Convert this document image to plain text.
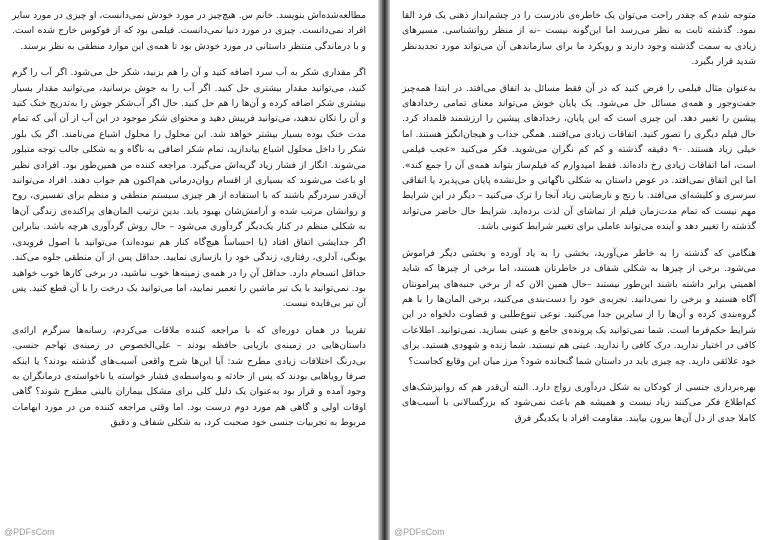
مطالعه‌شده‌اش بنویسد. خانم س. هیچ‌چیز در مورد خودش نمی‌دانست، او چیزی در مورد سایر افراد نمی‌دانست. چیزی در مورد دنیا نمی‌دانست. فیلمی بود که از فوکوس خارج شده است. و با درماندگی منتظر داستانی در مورد خودش بود تا همه‌ی این موارد منطقی به نظر برسند.

اگر مقداری شکر به آب سرد اضافه کنید و آن را هم بزنید، شکر حل می‌شود. اگر آب را گرم کنید، می‌توانید مقدار بیشتری حل کنید. اگر آب را به جوش برسانید، می‌توانید مقدار بسیار بیشتری شکر اضافه کرده و آن‌ها را هم حل کنید. حال اگر آب‌شکر جوش را به‌تدریج خنک کنید و آن را تکان ندهید، می‌توانید فریبش دهید و محتوای شکر موجود در این آب از آن آبی که تمام مدت خنک بوده بسیار بیشتر خواهد شد. این محلول را محلول اشباع می‌نامند. اگر یک بلور شکر را داخل محلول اشباع بیاندازید، تمام شکر اضافی به ناگاه و به شکلی جالب توجه متبلور می‌شوند. انگار از فشار زیاد گریه‌اش می‌گیرد. مراجعه کننده من همین‌طور بود. افرادی نظیر او باعث می‌شوند که بسیاری از اقسام روان‌درمانی هم‌اکنون هم جواب دهند. افراد می‌توانند آن‌قدر سردرگم باشند که با استفاده از هر چیزی سیستم منطقی و منظم برای تفسیری، روح و روانشان مرتب شده و آرامش‌شان بهبود یابد. بدین ترتیب المان‌های پراکنده‌ی زندگی آن‌ها به شکلی منظم در کنار یک‌دیگر گردآوری می‌شود – حال روش گردآوری هرچه باشد. بنابراین اگر جدایشی اتفاق افتاد (یا احساساً هیچ‌گاه کنار هم نبوده‌اند) می‌توانید با اصول فرویدی، یونگی، آدلری، رفتاری، زندگی خود را بازسازی نمایید. حداقل پس از آن منطقی جلوه می‌کند. حداقل انسجام دارد. حداقل آن را در همه‌ی زمینه‌ها خوب نباشید، در برخی کارها خوب خواهید بود. نمی‌توانید با یک تیر ماشین را تعمیر نمایید، اما می‌توانید یک درخت را با آن قطع کنید. پس آن تیر بی‌فایده نیست.

تقریبا در همان دوره‌ای که با مراجعه کننده ملاقات می‌کردم، رسانه‌ها سرگرم ارائه‌ی داستان‌هایی در زمینه‌ی بازیابی حافظه بودند – علی‌الخصوص در زمینه‌ی تهاجم جنسی. بی‌درنگ اختلافات زیادی مطرح شد: آیا این‌ها شرح واقعی آسیب‌های گذشته بودند؟ یا اینکه صرفا رویاهایی بودند که پس از حادثه و به‌واسطه‌ی فشار خواسته یا ناخواسته‌ی درمانگران به وجود آمده و قرار بود به‌عنوان یک دلیل کلی برای مشکل بیماران بالینی مطرح شوند؟ گاهی اوقات اولی و گاهی هم مورد دوم درست بود. اما وقتی مراجعه کننده من در مورد ابهامات مربوط به تجربیات جنسی خود صحبت کرد، به شکلی شفاف و دقیق

@PDFsCom

متوجه شدم که چقدر راحت می‌توان یک خاطره‌ی نادرست را در چشم‌انداز ذهنی یک فرد القا نمود. گذشته ثابت به نظر می‌رسد اما این‌گونه نیست –نه از منظر روانشناسی. مسیرهای زیادی به سمت گذشته وجود دارند و رویکرد ما برای سازماندهی آن می‌تواند مورد تجدیدنظر شدید قرار بگیرد.

به‌عنوان مثال فیلمی را فرض کنید که در آن فقط مسائل بد اتفاق می‌افتد. در ابتدا همه‌چیز جفت‌وجور و همه‌ی مسائل حل می‌شود. یک پایان خوش می‌تواند معنای تمامی رخدادهای پیشین را تغییر دهد. این چیزی است که این پایان، رخدادهای پیشین را ارزشمند قلمداد کرد. حال فیلم دیگری را تصور کنید. اتفاقات زیادی می‌افتند. همگی جذاب و هیجان‌انگیز هستند. اما خیلی زیاد هستند. ۹۰ دقیقه گذشته و کم کم نگران می‌شوید. فکر می‌کنید «عجب فیلمی است، اما اتفاقات زیادی رخ داده‌اند. فقط امیدوارم که فیلم‌ساز بتواند همه‌ی آن را جمع کند». اما این اتفاق نمی‌افتد. در عوض داستان به شکلی ناگهانی و حل‌نشده پایان می‌پذیرد یا اتفاقی سرسری و کلیشه‌ای می‌افتد. با رنج و نارضایتی زیاد آنجا را ترک می‌کنید – دیگر در این شرایط مهم نیست که تمام مدت‌زمان فیلم از تماشای آن لذت برده‌اید. شرایط حال حاضر می‌تواند گذشته را تغییر دهد و آینده می‌تواند عاملی برای تغییر شرایط کنونی باشد.

هنگامی که گذشته را به خاطر می‌آورید، بخشی را به یاد آورده و بخشی دیگر فراموش می‌شود. برخی از چیزها به شکلی شفاف در خاطرتان هستند، اما برخی از چیزها که شاید اهمیتی برابر داشته باشند این‌طور نیستند –حال همین الان که از برخی جنبه‌های پیرامونتان آگاه هستید و برخی را نمی‌دانید. تجربه‌ی خود را دست‌بندی می‌کنید، برخی المان‌ها را با هم گروه‌بندی کرده و آن‌ها را از سایرین جدا می‌کنید. نوعی تنوع‌طلبی و قضاوت دلخواه در این شرایط حکم‌فرما است. شما نمی‌توانید یک پرونده‌ی جامع و عینی بسازید. نمی‌توانید. اطلاعات کافی در اختیار ندارید. درک کافی را ندارید. عینی هم نیستید. شما زنده و شهودی هستید. برای خود علائقی دارید. چه چیزی باید در داستان شما گنجانده شود؟ مرز میان این وقایع کجاست؟

بهره‌برداری جنسی از کودکان به شکل دردآوری رواج دارد. البته آن‌قدر هم که روانپزشک‌های کم‌اطلاع فکر می‌کنند زیاد نیست و همیشه هم باعث نمی‌شود که بزرگسالانی با آسیب‌های کاملا جدی از دل آن‌ها بیرون بیایند. مقاومت افراد با یکدیگر فرق

@PDFsCom
